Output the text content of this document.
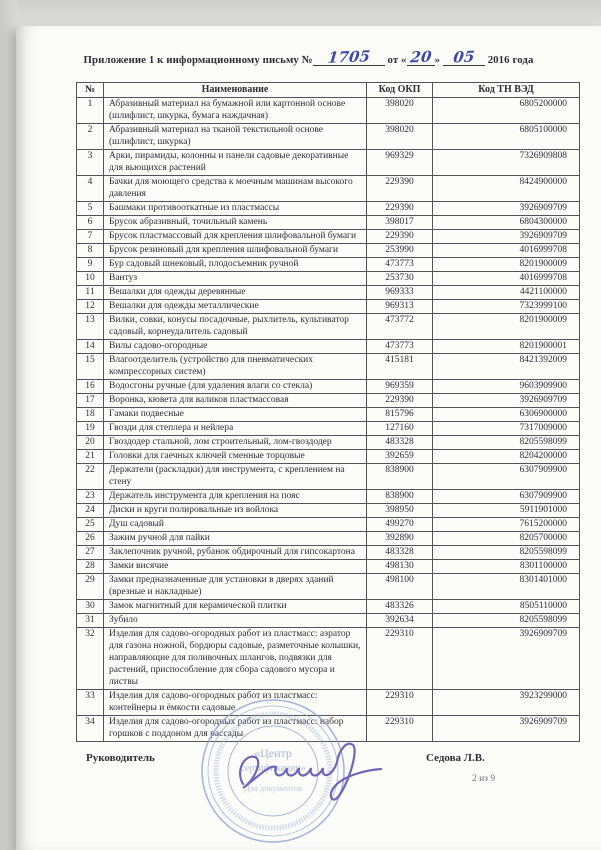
Приложение 1 к информационному письму № 1705	от « 20 » 05	2016 года
№	Наименование	Код ОКП	Код ТН ВЭД
1	Абразивный материал на бумажной или картонной основе (шлифлист, шкурка, бумага наждачная)	398020	6805200000
2	Абразивный материал на тканой текстильной основе (шлифлист, шкурка)	398020	6805100000
3	Арки, пирамиды, колонны и панели садовые декоративные для вьющихся растений	969329	7326909808
4	Бачки для моющего средства к моечным машинам высокого давления	229390	8424900000
5	Башмаки противооткатные из пластмассы	229390	3926909709
6	Брусок абразивный, точильный камень	398017	6804300000
7	Брусок пластмассовый для крепления шлифовальной бумаги	229390	3926909709
8	Брусок резиновый для крепления шлифовальной бумаги	253990	4016999708
9	Бур садовый шнековый, плодосъемник ручной	473773	8201900009
10	Вантуз	253730	4016999708
11	Вешалки для одежды деревянные	969333	4421100000
12	Вешалки для одежды металлические	969313	7323999100
13	Вилки, совки, конусы посадочные, рыхлитель, культиватор садовый, корнеудалитель садовый	473772	8201900009
14	Вилы садово-огородные	473773	8201900001
15	Влагоотделитель (устройство для пневматических компрессорных систем)	415181	8421392009
16	Водосгоны ручные (для удаления влаги со стекла)	969359	9603909900
17	Воронка, кювета для валиков пластмассовая	229390	3926909709
18	Гамаки подвесные	815796	6306900000
19	Гвозди для степлера и нейлера	127160	7317009000
20	Гвоздодер стальной, лом строительный, лом-гвоздодер	483328	8205598099
21	Головки для гаечных ключей сменные торцовые	392659	8204200000
22	Держатели (раскладки) для инструмента, с креплением на стену	838900	6307909900
23	Держатель инструмента для крепления на пояс	838900	6307909900
24	Диски и круги полировальные из войлока	398950	5911901000
25	Душ садовый	499270	7615200000
26	Зажим ручной для пайки	392890	8205700000
27	Заклепочник ручной, рубанок обдирочный для гипсокартона	483328	8205598099
28	Замки висячие	498130	8301100000
29	Замки предназначенные для установки в дверях зданий (врезные и накладные)	498100	8301401000
30	Замок магнитный для керамической плитки	483326	8505110000
31	Зубило	392634	8205598099
32	Изделия для садово-огородных работ из пластмасс: аэратор для газона ножной, бордюры садовые, разметочные колышки, направляющие для поливочных шлангов, подвязки для растений, приспособление для сбора садового мусора и листвы	229310	3926909709
33	Изделия для садово-огородных работ из пластмасс: контейнеры и ёмкости садовые	229310	3923299000
34	Изделия для садово-огородных работ из пластмасс: набор горшков с поддоном для рассады	229310	3926909709
Руководитель	Седова Л.В.
2 из 9
«Центр
сертификации»
Для документов
